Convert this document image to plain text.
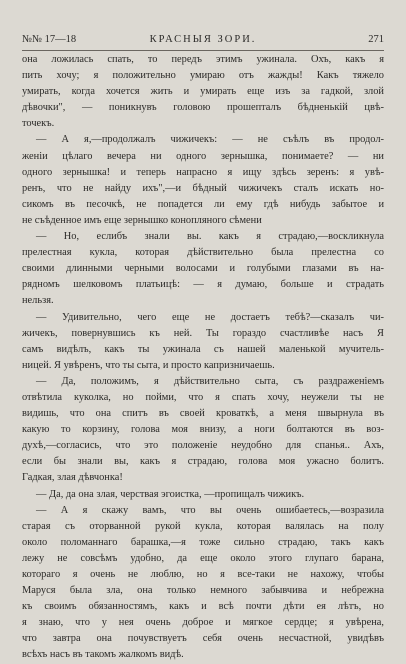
№№ 17—18	КРАСНЫЯ ЗОРИ.	271
она ложилась спать, то передъ этимъ ужинала. Охъ, какъ я
пить хочу; я положительно умираю отъ жажды! Какъ тяжело
умирать, когда хочется жить и умирать еще изъ за гадкой, злой
дѣвочки", — поникнувъ головою прошепталъ бѣдненькій цвѣ-
точекъ.
— А я,—продолжалъ чижичекъ: — не съѣлъ въ продол-
женіи цѣлаго вечера ни одного зернышка, понимаете? — ни
одного зернышка! и теперь напрасно я ищу здѣсь зеренъ: я увѣ-
ренъ, что не найду ихъ",—и бѣдный чижичекъ сталъ искать но-
сикомъ въ песочкѣ, не попадется ли ему гдѣ нибудь забытое и
не съѣденное имъ еще зернышко конопляного сѣмени
— Но, еслибъ знали вы. какъ я страдаю,—воскликнула
прелестная кукла, которая дѣйствительно была прелестна со
своими длинными черными волосами и голубыми глазами въ на-
рядномъ шелковомъ платьицѣ: — я думаю, больше и страдать
нельзя.
— Удивительно, чего еще не достаетъ тебѣ?—сказалъ чи-
жичекъ, повернувшись къ ней. Ты гораздо счастливѣе насъ Я
самъ видѣлъ, какъ ты ужинала съ нашей маленькой мучитель-
ницей. Я увѣренъ, что ты сыта, и просто капризничаешь.
— Да, положимъ, я дѣйствительно сыта, съ раздраженіемъ
отвѣтила куколка, но пойми, что я спать хочу, неужели ты не
видишь, что она спитъ въ своей кроваткѣ, а меня швырнула въ
какую то корзину, голова моя внизу, а ноги болтаются въ воз-
духѣ,—согласись, что это положеніе неудобно для спанья.. Ахъ,
если бы знали вы, какъ я страдаю, голова моя ужасно болитъ.
Гадкая, злая дѣвчонка!
— Да, да она злая, черствая эгоистка, —пропищалъ чижикъ.
— А я скажу вамъ, что вы очень ошибаетесь,—возразила
старая съ оторванной рукой кукла, которая валялась на полу
около поломаннаго барашка,—я тоже сильно страдаю, такъ какъ
лежу не совсѣмъ удобно, да еще около этого глупаго барана,
котораго я очень не люблю, но я все-таки не нахожу, чтобы
Маруся была зла, она только немного забывчива и небрежна
къ своимъ обязанностямъ, какъ и всѣ почти дѣти ея лѣтъ, но
я знаю, что у нея очень доброе и мягкое сердце; я увѣрена,
что завтра она почувствуетъ себя очень несчастной, увидѣвъ
всѣхъ насъ въ такомъ жалкомъ видѣ.
